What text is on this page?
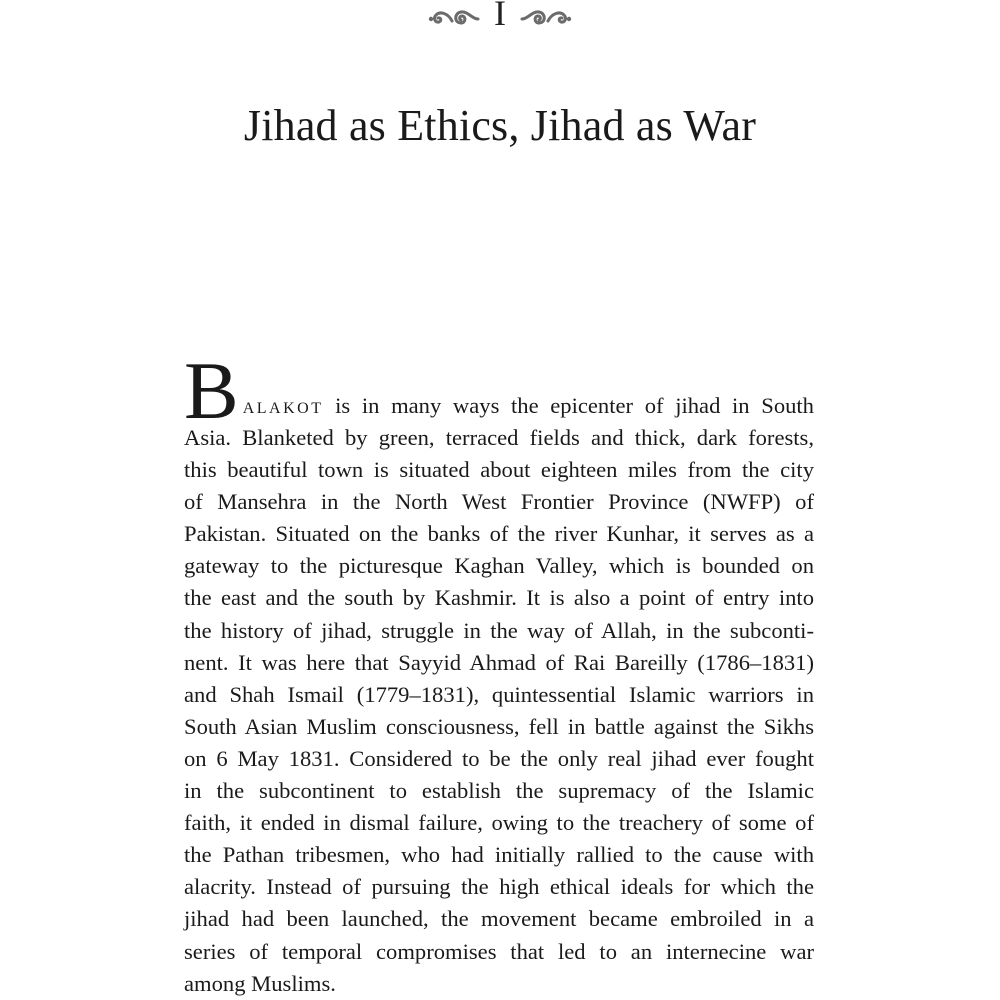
I
Jihad as Ethics, Jihad as War
B alakot is in many ways the epicenter of jihad in South
Asia. Blanketed by green, terraced fields and thick, dark forests,
this beautiful town is situated about eighteen miles from the city
of Mansehra in the North West Frontier Province (NWFP) of
Pakistan. Situated on the banks of the river Kunhar, it serves as a
gateway to the picturesque Kaghan Valley, which is bounded on
the east and the south by Kashmir. It is also a point of entry into
the history of jihad, struggle in the way of Allah, in the subconti-
nent. It was here that Sayyid Ahmad of Rai Bareilly (1786–1831)
and Shah Ismail (1779–1831), quintessential Islamic warriors in
South Asian Muslim consciousness, fell in battle against the Sikhs
on 6 May 1831. Considered to be the only real jihad ever fought
in the subcontinent to establish the supremacy of the Islamic
faith, it ended in dismal failure, owing to the treachery of some of
the Pathan tribesmen, who had initially rallied to the cause with
alacrity. Instead of pursuing the high ethical ideals for which the
jihad had been launched, the movement became embroiled in a
series of temporal compromises that led to an internecine war
among Muslims.
